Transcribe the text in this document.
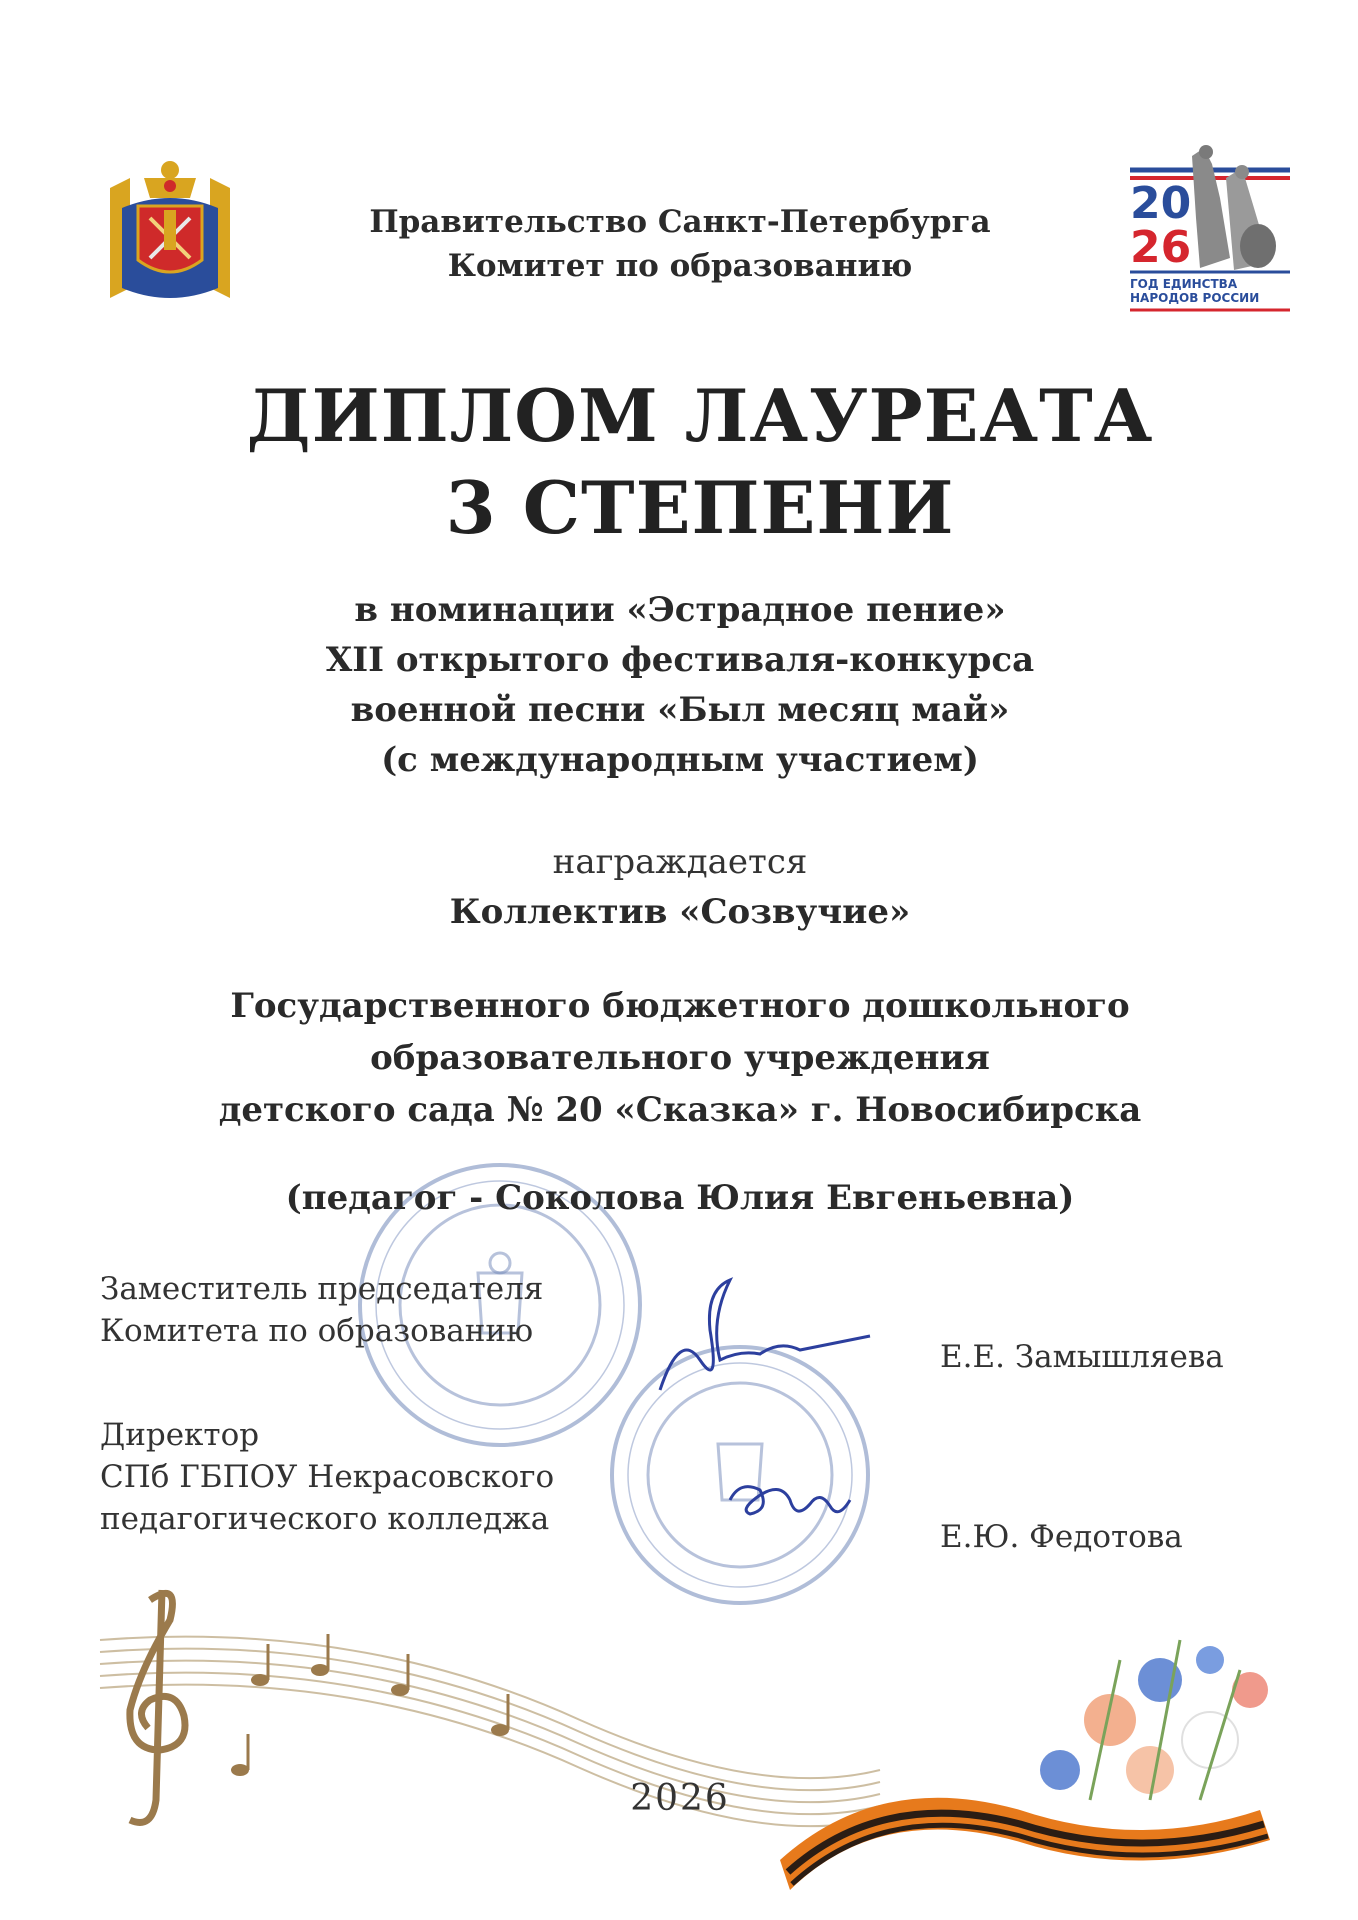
20
26
ГОД ЕДИНСТВА
НАРОДОВ РОССИИ
Правительство Санкт-Петербурга
Комитет по образованию
ДИПЛОМ ЛАУРЕАТА
3 СТЕПЕНИ
в номинации «Эстрадное пение»
XII открытого фестиваля-конкурса
военной песни «Был месяц май»
(с международным участием)
награждается
Коллектив «Созвучие»
Государственного бюджетного дошкольного
образовательного учреждения
детского сада № 20 «Сказка» г. Новосибирска
(педагог - Соколова Юлия Евгеньевна)
Заместитель председателя
Комитета по образованию
Е.Е. Замышляева
Директор
СПб ГБПОУ Некрасовского
педагогического колледжа	Е.Ю. Федотова
2026
